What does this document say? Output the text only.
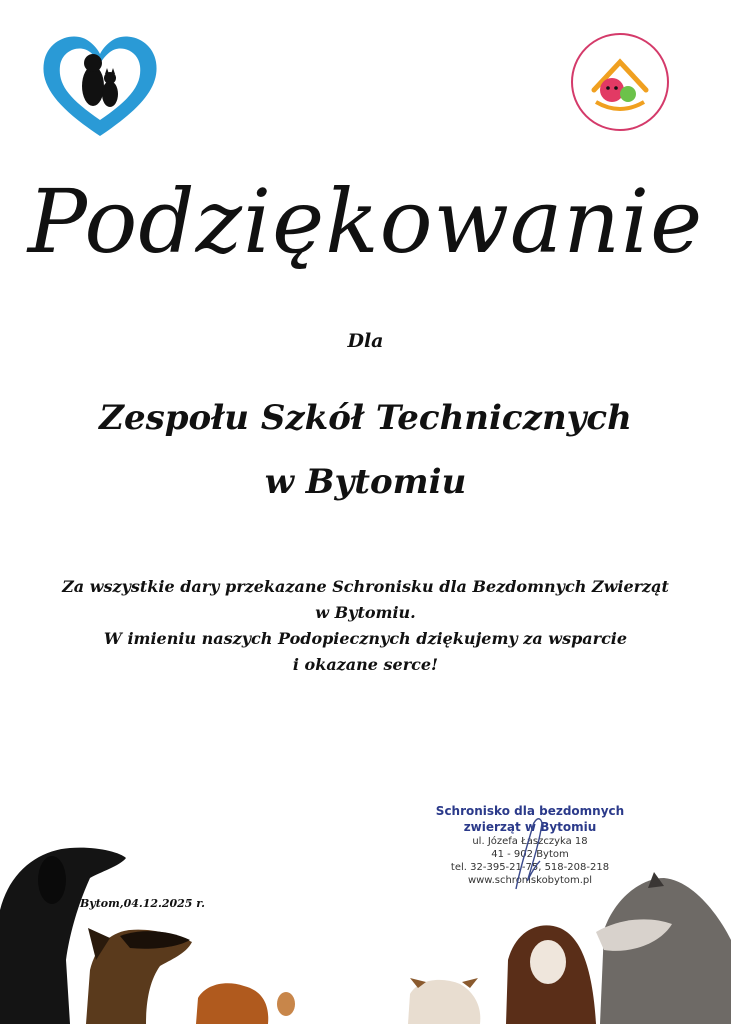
Podziękowanie
Dla
Zespołu Szkół Technicznych
w Bytomiu
Za wszystkie dary przekazane Schronisku dla Bezdomnych Zwierząt
w Bytomiu.
W imieniu naszych Podopiecznych dziękujemy za wsparcie
i okazane serce!
Bytom,04.12.2025 r.
Schronisko dla bezdomnych
zwierząt w Bytomiu
ul. Józefa Łaszczyka 18
41 - 902 Bytom
tel. 32-395-21-75, 518-208-218
www.schroniskobytom.pl
